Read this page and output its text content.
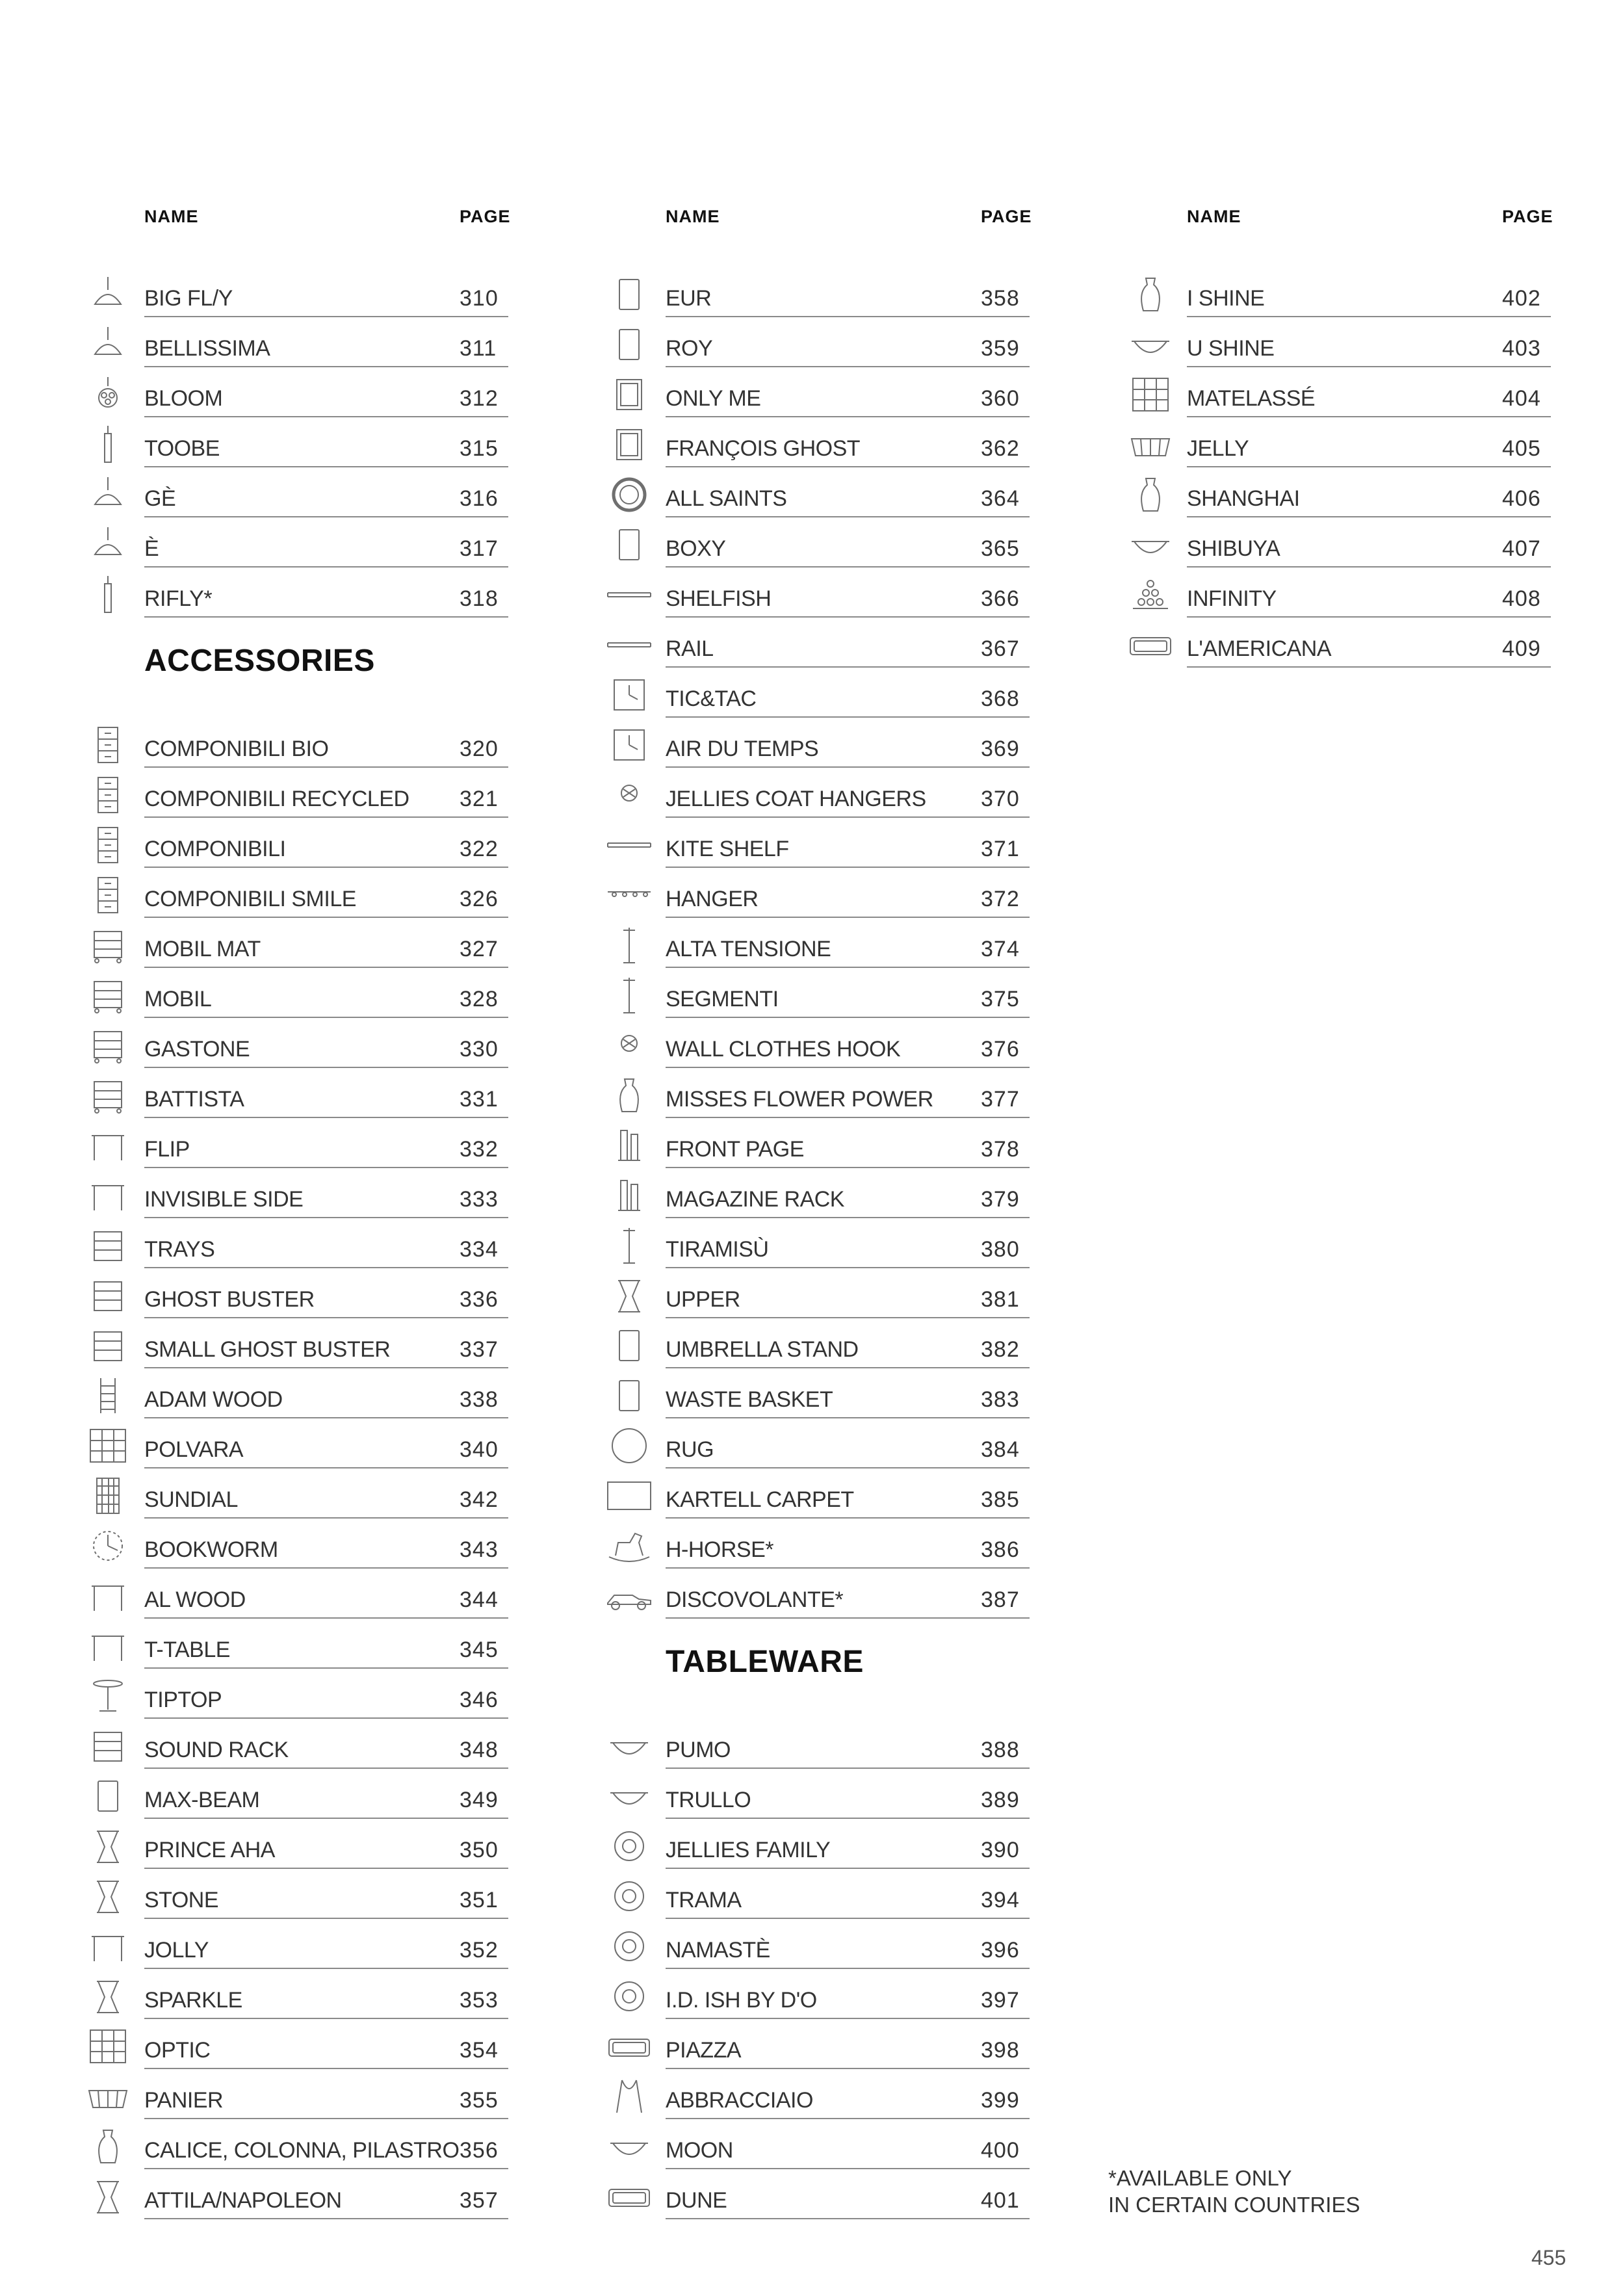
NAME	PAGE
BIG FL/Y	310
BELLISSIMA	311
BLOOM	312
TOOBE	315
GÈ	316
È	317
RIFLY*	318
ACCESSORIES
COMPONIBILI BIO	320
COMPONIBILI RECYCLED 321
COMPONIBILI	322
COMPONIBILI SMILE	326
MOBIL MAT	327
MOBIL	328
GASTONE	330
BATTISTA	331
FLIP	332
INVISIBLE SIDE	333
TRAYS	334
GHOST BUSTER	336
SMALL GHOST BUSTER	337
ADAM WOOD	338
POLVARA	340
SUNDIAL	342
BOOKWORM	343
AL WOOD	344
T-TABLE	345
TIPTOP	346
SOUND RACK	348
MAX-BEAM	349
PRINCE AHA	350
STONE	351
JOLLY	352
SPARKLE	353
OPTIC	354
PANIER	355
CALICE, COLONNA, PILASTRO 356
ATTILA/NAPOLEON	357
NAME	PAGE
EUR	358
ROY	359
ONLY ME	360
FRANÇOIS GHOST	362
ALL SAINTS	364
BOXY	365
SHELFISH	366
RAIL	367
TIC&TAC	368
AIR DU TEMPS	369
JELLIES COAT HANGERS 370
KITE SHELF	371
HANGER	372
ALTA TENSIONE	374
SEGMENTI	375
WALL CLOTHES HOOK	376
MISSES FLOWER POWER 377
FRONT PAGE	378
MAGAZINE RACK	379
TIRAMISÙ	380
UPPER	381
UMBRELLA STAND	382
WASTE BASKET	383
RUG	384
KARTELL CARPET	385
H-HORSE*	386
DISCOVOLANTE*	387
TABLEWARE
PUMO	388
TRULLO	389
JELLIES FAMILY	390
TRAMA	394
NAMASTÈ	396
I.D. ISH BY D'O	397
PIAZZA	398
ABBRACCIAIO	399
MOON	400
DUNE	401
NAME	PAGE
I SHINE	402
U SHINE	403
MATELASSÉ	404
JELLY	405
SHANGHAI	406
SHIBUYA	407
INFINITY	408
L'AMERICANA	409
*AVAILABLE ONLY
IN CERTAIN COUNTRIES
455
